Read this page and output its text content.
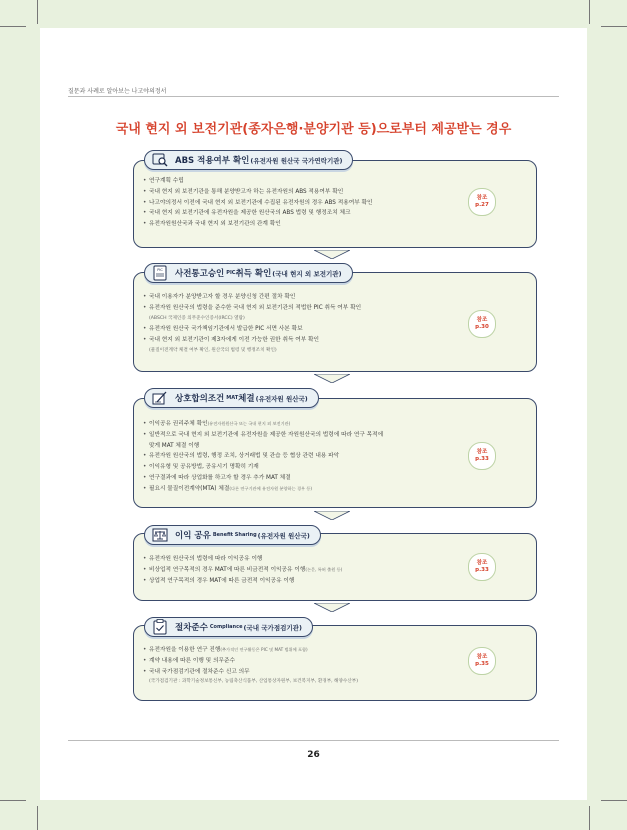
질문과 사례로 알아보는 나고야의정서
국내 현지 외 보전기관(종자은행·분양기관 등)으로부터 제공받는 경우
ABS 적용여부 확인 (유전자원 원산국 국가연락기관)
• 연구계획 수립
• 국내 현지 외 보전기관을 통해 분양받고자 하는 유전자원의 ABS 적용여부 확인
• 나고야의정서 이전에 국내 현지 외 보전기관에 수집된 유전자원의 경우 ABS 적용여부 확인
• 국내 현지 외 보전기관에 유전자원을 제공한 원산국의 ABS 법령 및 행정조치 체크
• 유전자원원산국과 국내 현지 외 보전기관의 관계 확인
참조
p.27
PIC 사전통고승인 PIC 취득 확인 (국내 현지 외 보전기관)
• 국내 이용자가 분양받고자 할 경우 분양신청 간편 절차 확인
• 유전자원 원산국의 법령을 준수한 국내 현지 외 보전기관의 적법한 PIC 취득 여부 확인
(ABSCH 국제인증 의무준수인증서(IRCC) 열람)
• 유전자원 원산국 국가책임기관에서 발급한 PIC 서면 사본 확보
• 국내 현지 외 보전기관이 제3자에게 이전 가능한 권한 취득 여부 확인
(물질이전계약 체결 여부 확인, 원산국의 법령 및 행정조치 확인)
참조
p.30
상호합의조건 MAT 체결 (유전자원 원산국)
• 이익공유 권리주체 확인(유전자원원산국 또는 국내 현지 외 보전기관)
• 일반적으로 국내 현지 외 보전기관에 유전자원을 제공한 자원원산국의 법령에 따라 연구 목적에
맞게 MAT 체결 이행
• 유전자원 원산국의 법령, 행정 조치, 상거래법 및 관습 등 협상 관련 내용 파악
• 이익유형 및 공유방법, 공유시기 명확히 기재
• 연구결과에 따라 상업화를 하고자 할 경우 추가 MAT 체결
• 필요시 물질이전계약(MTA) 체결(다른 연구기관에 유전자원 분양하는 경우 등)
참조
p.33
이익 공유 Benefit Sharing (유전자원 원산국)
• 유전자원 원산국의 법령에 따라 이익공유 이행
• 비상업적 연구목적의 경우 MAT에 따른 비금전적 이익공유 이행(논문, 특허 출원 등)
• 상업적 연구목적의 경우 MAT에 따른 금전적 이익공유 이행
참조
p.33
절차준수 Compliance (국내 국가점검기관)
• 유전자원을 이용한 연구 진행(추가적인 연구활동은 PIC 및 MAT 범위에 포함)
• 계약 내용에 따른 이행 및 의무준수
• 국내 국가점검기관에 절차준수 신고 의무
(국가점검기관 : 과학기술정보통신부, 농림축산식품부, 산업통상자원부, 보건복지부, 환경부, 해양수산부)
참조
p.35
26
